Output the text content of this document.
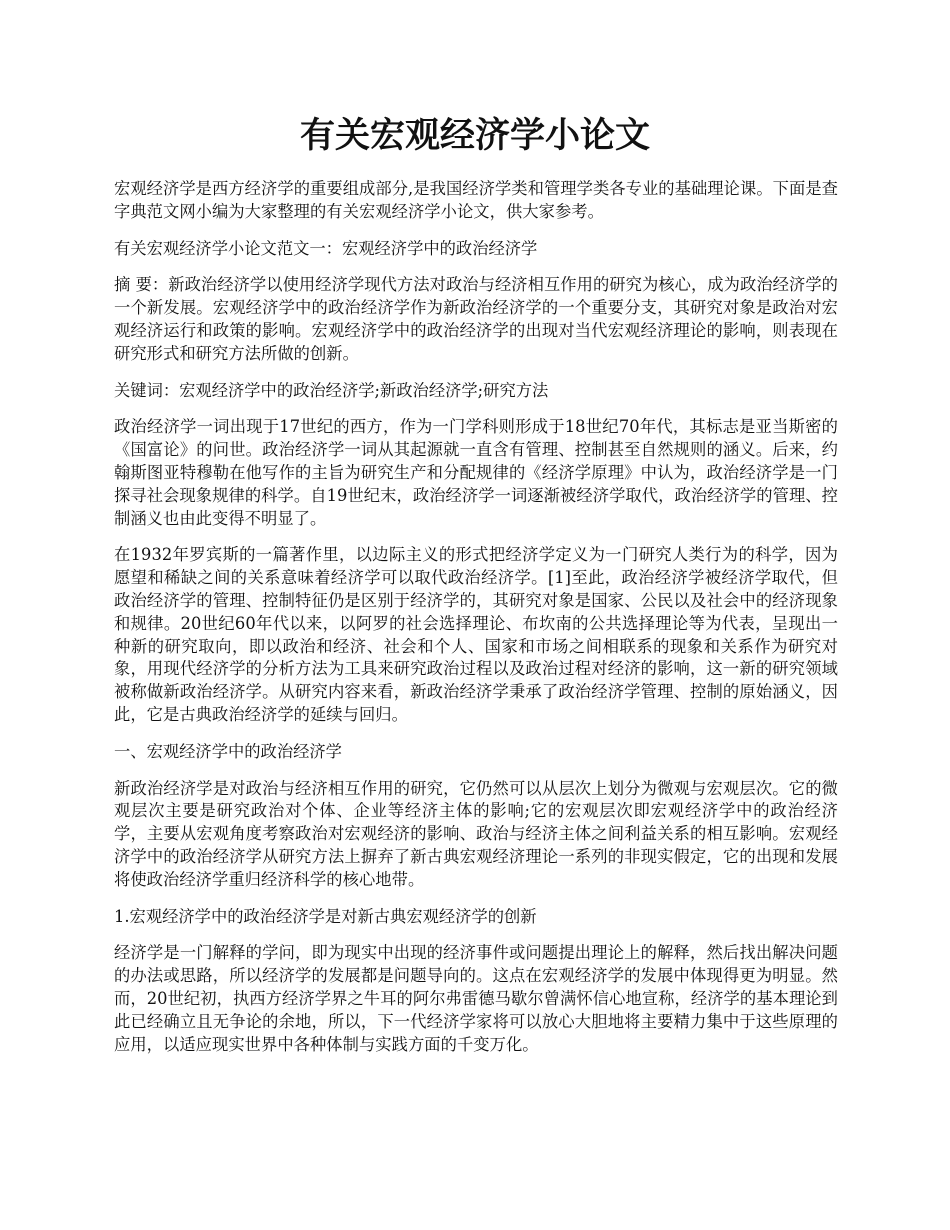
有关宏观经济学小论文

宏观经济学是西方经济学的重要组成部分,是我国经济学类和管理学类各专业的基础理论课。下面是查字典范文网小编为大家整理的有关宏观经济学小论文，供大家参考。

有关宏观经济学小论文范文一：宏观经济学中的政治经济学

摘 要：新政治经济学以使用经济学现代方法对政治与经济相互作用的研究为核心，成为政治经济学的一个新发展。宏观经济学中的政治经济学作为新政治经济学的一个重要分支，其研究对象是政治对宏观经济运行和政策的影响。宏观经济学中的政治经济学的出现对当代宏观经济理论的影响，则表现在研究形式和研究方法所做的创新。

关键词：宏观经济学中的政治经济学;新政治经济学;研究方法

政治经济学一词出现于17世纪的西方，作为一门学科则形成于18世纪70年代，其标志是亚当斯密的《国富论》的问世。政治经济学一词从其起源就一直含有管理、控制甚至自然规则的涵义。后来，约翰斯图亚特穆勒在他写作的主旨为研究生产和分配规律的《经济学原理》中认为，政治经济学是一门探寻社会现象规律的科学。自19世纪末，政治经济学一词逐渐被经济学取代，政治经济学的管理、控制涵义也由此变得不明显了。

在1932年罗宾斯的一篇著作里，以边际主义的形式把经济学定义为一门研究人类行为的科学，因为愿望和稀缺之间的关系意味着经济学可以取代政治经济学。[1]至此，政治经济学被经济学取代，但政治经济学的管理、控制特征仍是区别于经济学的，其研究对象是国家、公民以及社会中的经济现象和规律。20世纪60年代以来，以阿罗的社会选择理论、布坎南的公共选择理论等为代表，呈现出一种新的研究取向，即以政治和经济、社会和个人、国家和市场之间相联系的现象和关系作为研究对象，用现代经济学的分析方法为工具来研究政治过程以及政治过程对经济的影响，这一新的研究领域被称做新政治经济学。从研究内容来看，新政治经济学秉承了政治经济学管理、控制的原始涵义，因此，它是古典政治经济学的延续与回归。

一、宏观经济学中的政治经济学

新政治经济学是对政治与经济相互作用的研究，它仍然可以从层次上划分为微观与宏观层次。它的微观层次主要是研究政治对个体、企业等经济主体的影响;它的宏观层次即宏观经济学中的政治经济学，主要从宏观角度考察政治对宏观经济的影响、政治与经济主体之间利益关系的相互影响。宏观经济学中的政治经济学从研究方法上摒弃了新古典宏观经济理论一系列的非现实假定，它的出现和发展将使政治经济学重归经济科学的核心地带。

1.宏观经济学中的政治经济学是对新古典宏观经济学的创新

经济学是一门解释的学问，即为现实中出现的经济事件或问题提出理论上的解释，然后找出解决问题的办法或思路，所以经济学的发展都是问题导向的。这点在宏观经济学的发展中体现得更为明显。然而，20世纪初，执西方经济学界之牛耳的阿尔弗雷德马歇尔曾满怀信心地宣称，经济学的基本理论到此已经确立且无争论的余地，所以，下一代经济学家将可以放心大胆地将主要精力集中于这些原理的应用，以适应现实世界中各种体制与实践方面的千变万化。
